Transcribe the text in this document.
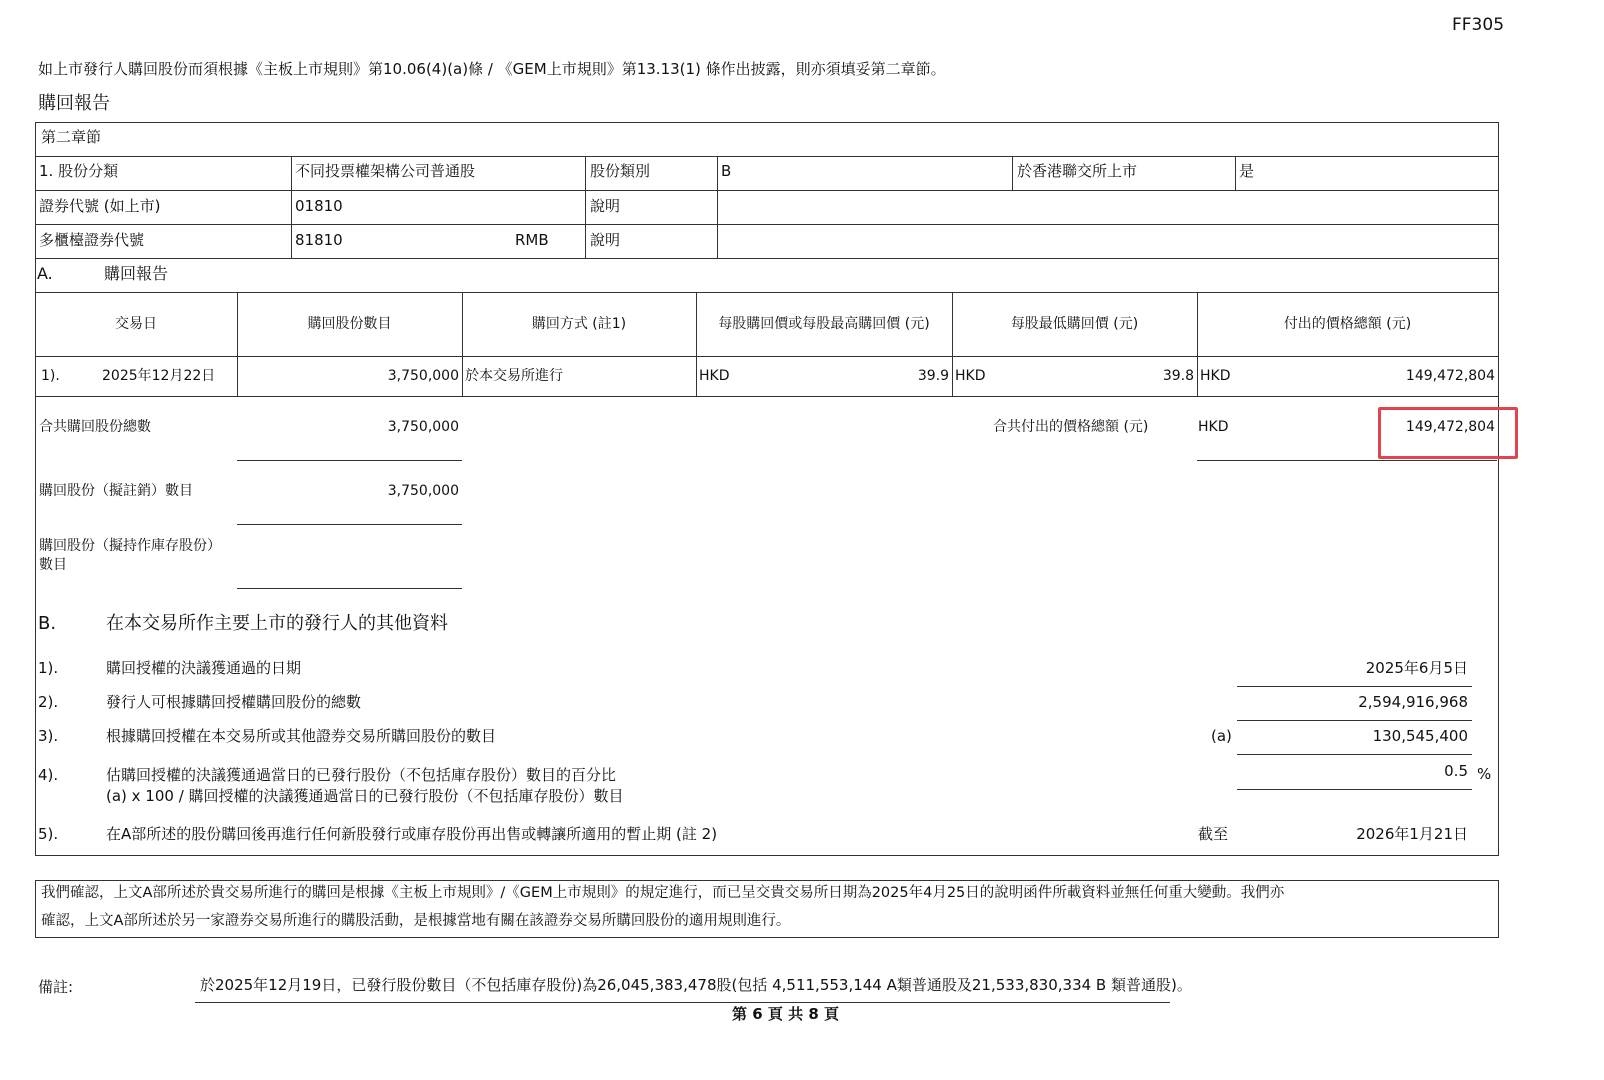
FF305
如上市發行人購回股份而須根據《主板上市規則》第10.06(4)(a)條 / 《GEM上市規則》第13.13(1) 條作出披露，則亦須填妥第二章節。
購回報告
第二章節
1. 股份分類	不同投票權架構公司普通股	股份類別	B	於香港聯交所上市	是
證券代號 (如上市)	01810	說明
多櫃檯證券代號	81810	RMB	說明
A.	購回報告
交易日	購回股份數目	購回方式 (註1)	每股購回價或每股最高購回價 (元)	每股最低購回價 (元)	付出的價格總額 (元)
1).	2025年12月22日	3,750,000 於本交易所進行	HKD	39.9 HKD	39.8 HKD	149,472,804
合共購回股份總數	3,750,000	合共付出的價格總額 (元)	HKD	149,472,804
購回股份（擬註銷）數目	3,750,000
購回股份（擬持作庫存股份）
數目
B.	在本交易所作主要上市的發行人的其他資料
1).	購回授權的決議獲通過的日期	2025年6月5日
2).	發行人可根據購回授權購回股份的總數	2,594,916,968
3).	根據購回授權在本交易所或其他證券交易所購回股份的數目	(a)	130,545,400
4).	估購回授權的決議獲通過當日的已發行股份（不包括庫存股份）數目的百分比
(a) x 100 / 購回授權的決議獲通過當日的已發行股份（不包括庫存股份）數目
0.5 %
5).	在A部所述的股份購回後再進行任何新股發行或庫存股份再出售或轉讓所適用的暫止期 (註 2)	截至	2026年1月21日
我們確認，上文A部所述於貴交易所進行的購回是根據《主板上市規則》/《GEM上市規則》的規定進行，而已呈交貴交易所日期為2025年4月25日的說明函件所載資料並無任何重大變動。我們亦
確認，上文A部所述於另一家證券交易所進行的購股活動，是根據當地有關在該證券交易所購回股份的適用規則進行。
備註:	於2025年12月19日，已發行股份數目（不包括庫存股份)為26,045,383,478股(包括 4,511,553,144 A類普通股及21,533,830,334 B 類普通股)。
第 6 頁 共 8 頁
